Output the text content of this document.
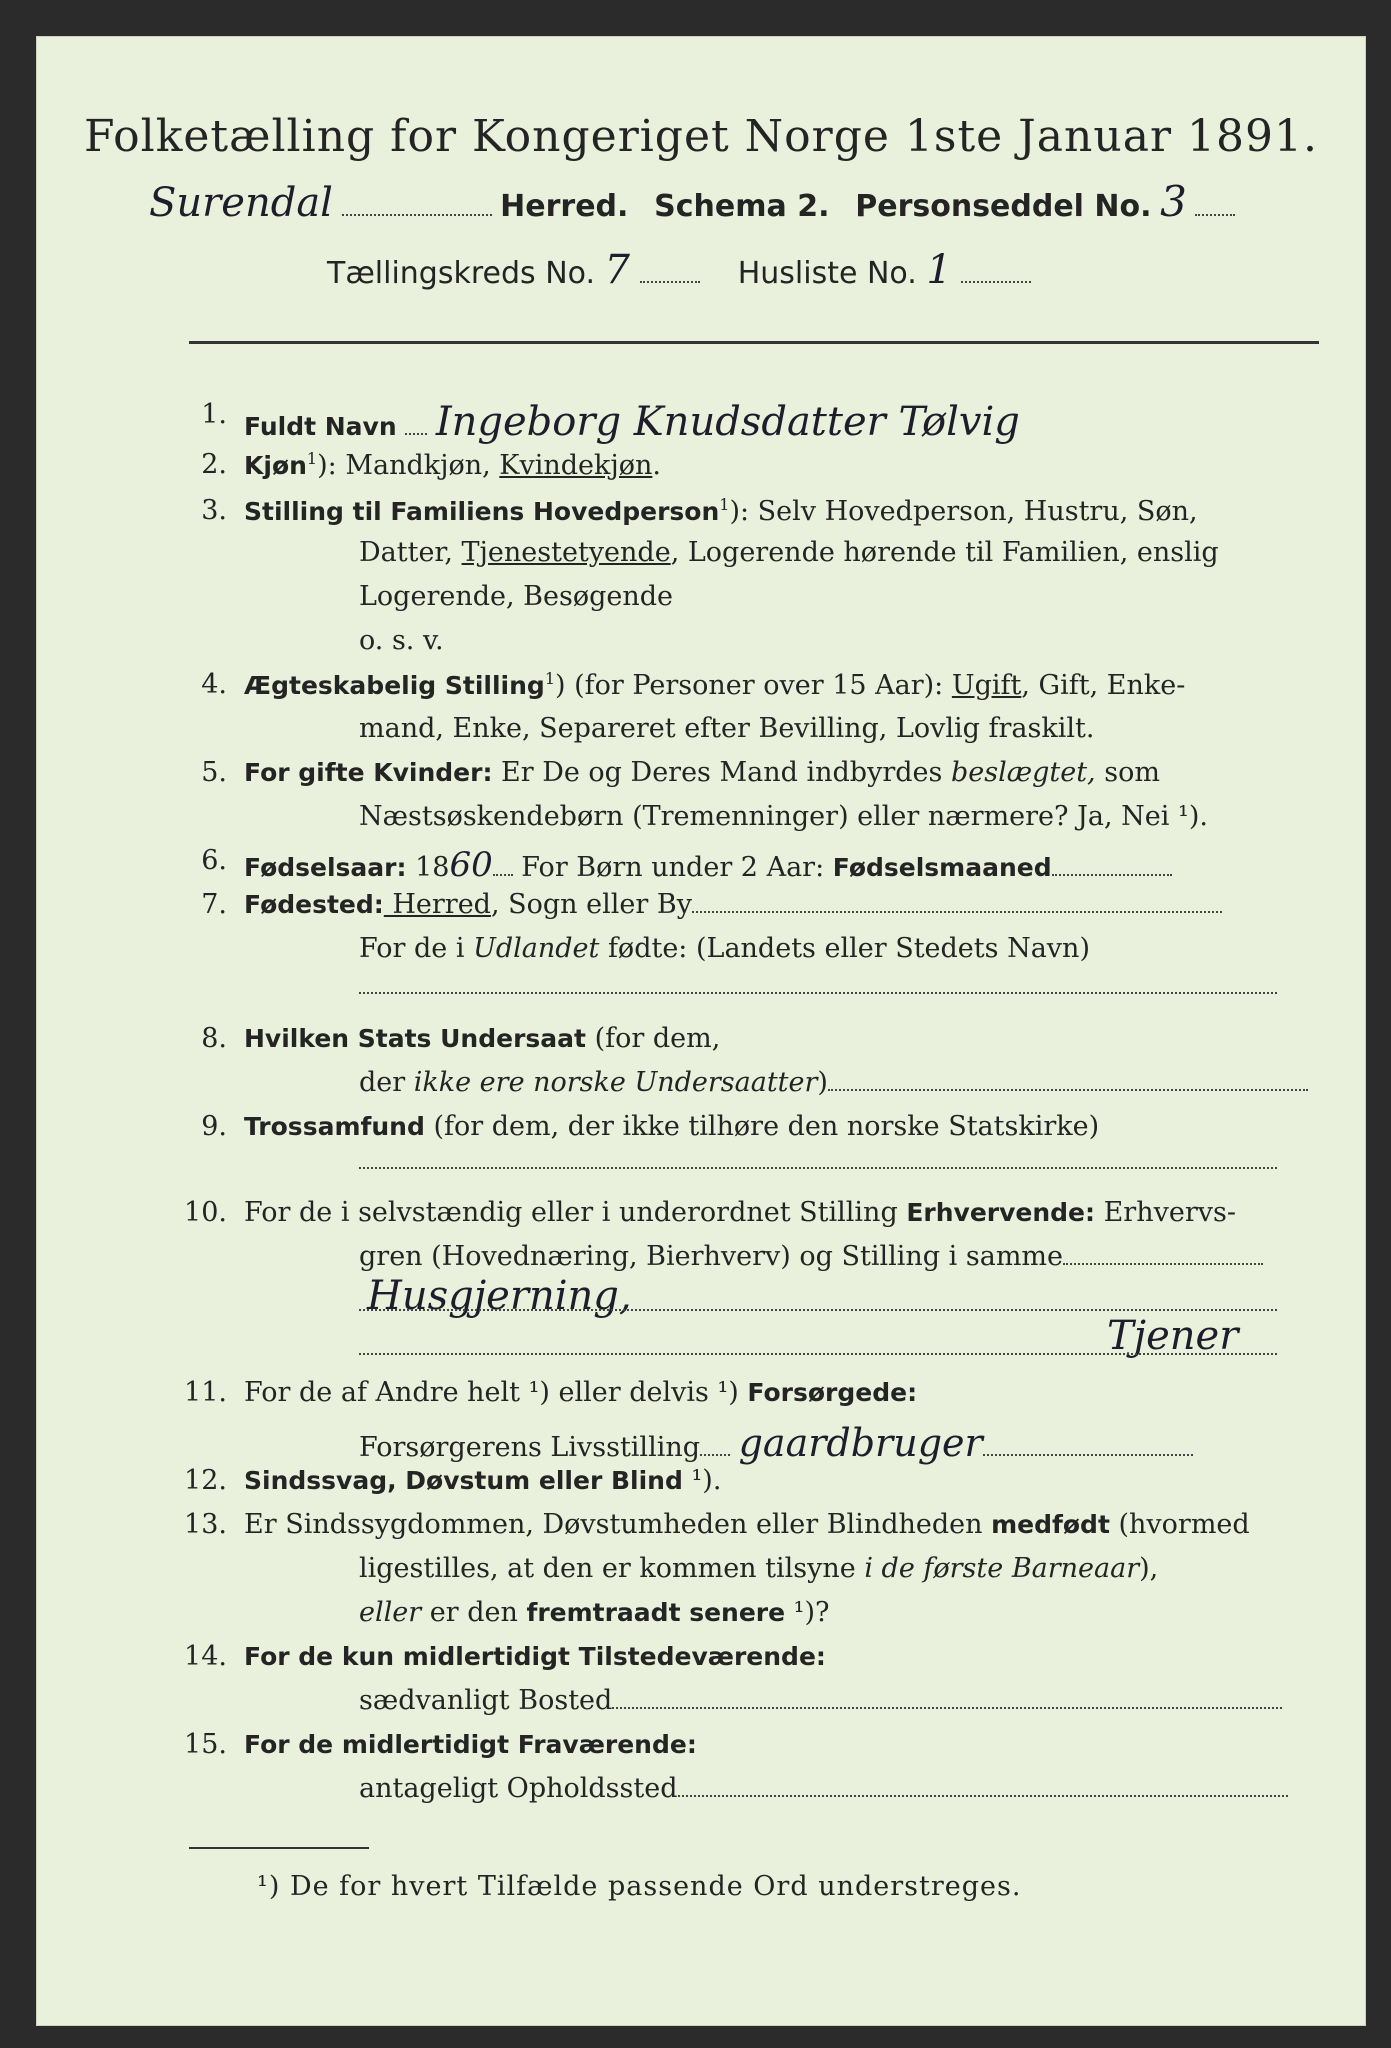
Folketælling for Kongeriget Norge 1ste Januar 1891.
Surendal	Herred. Schema 2. Personseddel No. 3
Tællingskreds No. 7	Husliste No. 1
1. Fuldt Navn Ingeborg Knudsdatter Tølvig
2. Kjøn$^1$): Mandkjøn, Kvindekjøn.
3. Stilling til Familiens Hovedperson$^1$): Selv Hovedperson, Hustru, Søn,
Datter, Tjenestetyende, Logerende hørende til Familien, enslig
Logerende, Besøgende
o. s. v.
4. Ægteskabelig Stilling$^1$) (for Personer over 15 Aar): Ugift, Gift, Enke-
mand, Enke, Separeret efter Bevilling, Lovlig fraskilt.
5. For gifte Kvinder: Er De og Deres Mand indbyrdes beslægtet, som
Næstsøskendebørn (Tremenninger) eller nærmere? Ja, Nei ¹).
6. Fødselsaar: 1860 For Børn under 2 Aar: Fødselsmaaned
7. Fødested: Herred, Sogn eller By
For de i Udlandet fødte: (Landets eller Stedets Navn)
8. Hvilken Stats Undersaat (for dem,
der ikke ere norske Undersaatter)
9. Trossamfund (for dem, der ikke tilhøre den norske Statskirke)
10. For de i selvstændig eller i underordnet Stilling Erhvervende: Erhvervs-
gren (Hovednæring, Bierhverv) og Stilling i samme
Husgjerning,
Tjener
11. For de af Andre helt ¹) eller delvis ¹) Forsørgede:
Forsørgerens Livsstilling gaardbruger
12. Sindssvag, Døvstum eller Blind ¹).
13. Er Sindssygdommen, Døvstumheden eller Blindheden medfødt (hvormed
ligestilles, at den er kommen tilsyne i de første Barneaar),
eller er den fremtraadt senere ¹)?
14. For de kun midlertidigt Tilstedeværende:
sædvanligt Bosted
15. For de midlertidigt Fraværende:
antageligt Opholdssted
¹) De for hvert Tilfælde passende Ord understreges.
